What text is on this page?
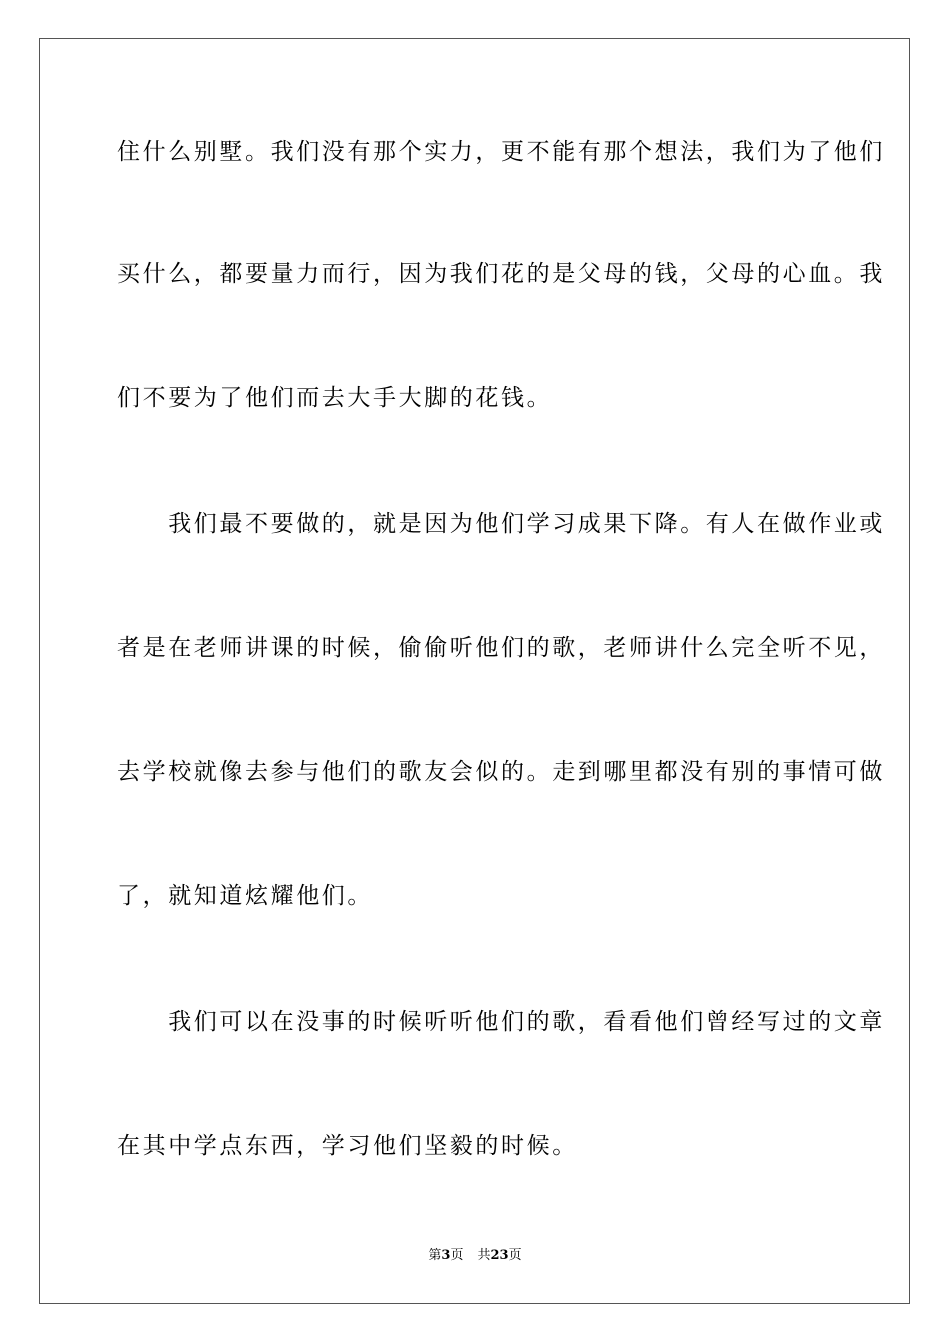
住什么别墅。我们没有那个实力，更不能有那个想法，我们为了他们
买什么，都要量力而行，因为我们花的是父母的钱，父母的心血。我
们不要为了他们而去大手大脚的花钱。
　　我们最不要做的，就是因为他们学习成果下降。有人在做作业或
者是在老师讲课的时候，偷偷听他们的歌，老师讲什么完全听不见，
去学校就像去参与他们的歌友会似的。走到哪里都没有别的事情可做
了，就知道炫耀他们。
　　我们可以在没事的时候听听他们的歌，看看他们曾经写过的文章
在其中学点东西，学习他们坚毅的时候。
第3页 共23页
